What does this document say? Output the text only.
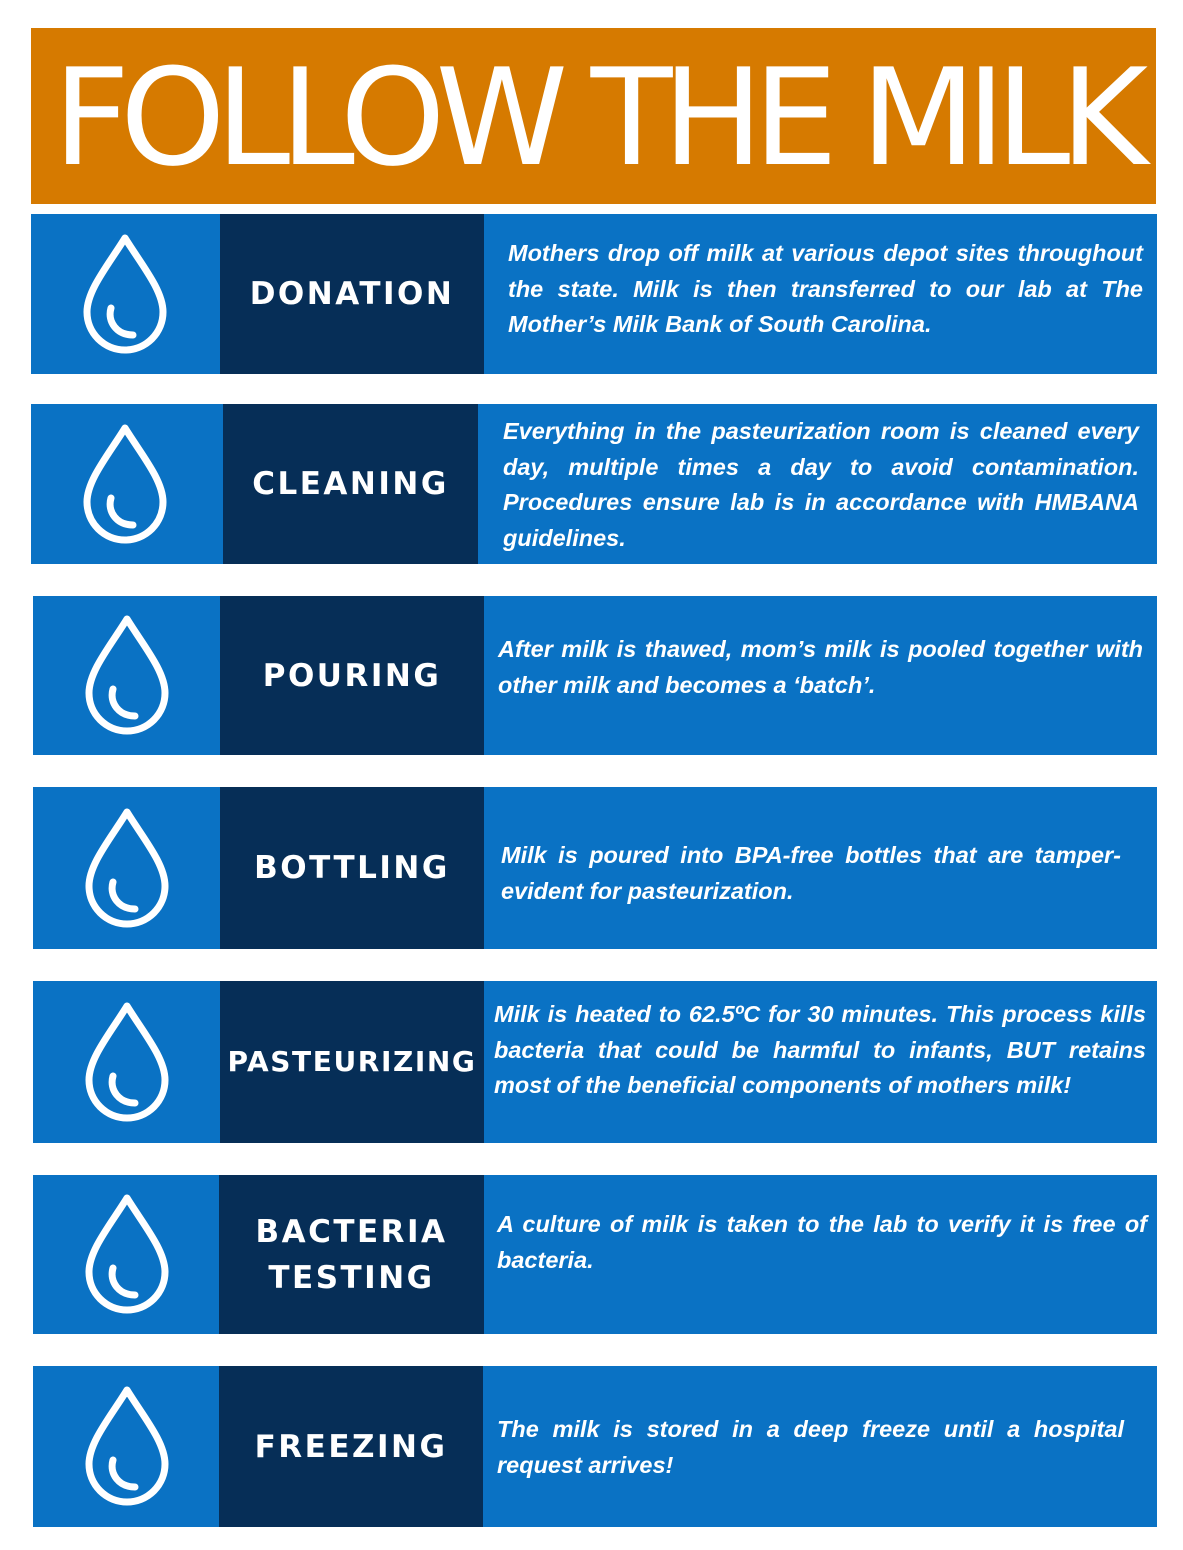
FOLLOW THE MILK
DONATION
Mothers drop off milk at various depot sites throughout the state. Milk is then transferred to our lab at The Mother’s Milk Bank of South Carolina.
CLEANING
Everything in the pasteurization room is cleaned every day, multiple times a day to avoid contamination. Procedures ensure lab is in accordance with HMBANA guidelines.
POURING
After milk is thawed, mom’s milk is pooled together with other milk and becomes a ‘batch’.
BOTTLING Milk is poured into BPA-free bottles that are tamper-evident for pasteurization.
PASTEURIZING
Milk is heated to 62.5ºC for 30 minutes. This process kills bacteria that could be harmful to infants, BUT retains most of the beneficial components of mothers milk!
BACTERIA
TESTING
A culture of milk is taken to the lab to verify it is free of bacteria.
FREEZING The milk is stored in a deep freeze until a hospital request arrives!
